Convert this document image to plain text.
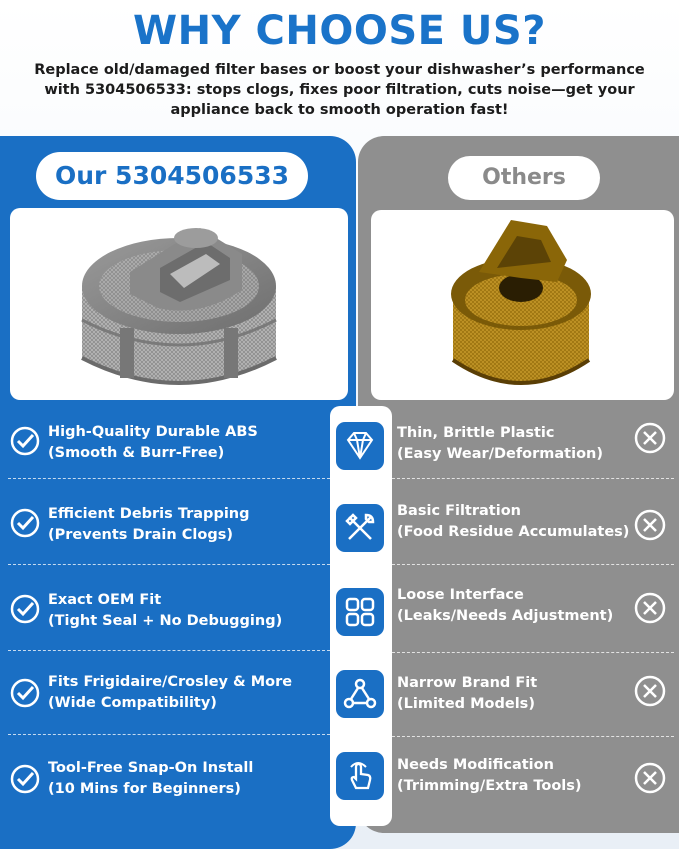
WHY CHOOSE US?
Replace old/damaged filter bases or boost your dishwasher’s performance
with 5304506533: stops clogs, fixes poor filtration, cuts noise—get your
appliance back to smooth operation fast!
Our 5304506533	Others
High-Quality Durable ABS
(Smooth & Burr-Free)
Thin, Brittle Plastic
(Easy Wear/Deformation)
Efficient Debris Trapping
(Prevents Drain Clogs)
Basic Filtration
(Food Residue Accumulates)
Exact OEM Fit
(Tight Seal + No Debugging)
Loose Interface
(Leaks/Needs Adjustment)
Fits Frigidaire/Crosley & More
(Wide Compatibility)
Narrow Brand Fit
(Limited Models)
Tool-Free Snap-On Install
(10 Mins for Beginners)
Needs Modification
(Trimming/Extra Tools)
